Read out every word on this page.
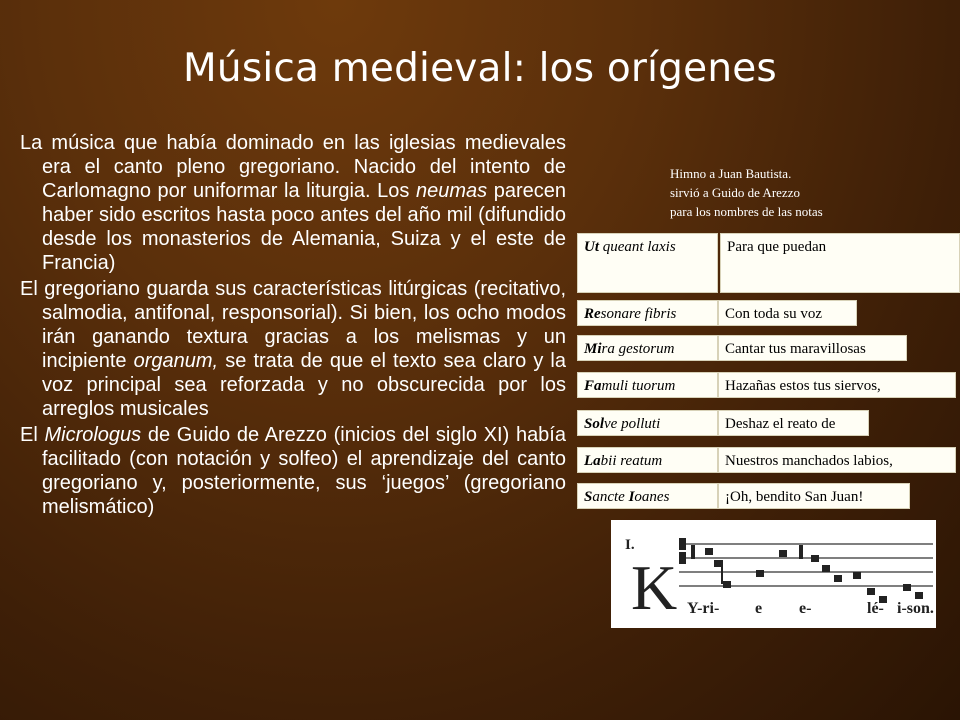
Música medieval: los orígenes

La música que había dominado en las iglesias medievales era el canto pleno gregoriano. Nacido del intento de Carlomagno por uniformar la liturgia. Los neumas parecen haber sido escritos hasta poco antes del año mil (difundido desde los monasterios de Alemania, Suiza y el este de Francia)

El gregoriano guarda sus características litúrgicas (recitativo, salmodia, antifonal, responsorial). Si bien, los ocho modos irán ganando textura gracias a los melismas y un incipiente organum, se trata de que el texto sea claro y la voz principal sea reforzada y no obscurecida por los arreglos musicales

El Micrologus de Guido de Arezzo (inicios del siglo XI) había facilitado (con notación y solfeo) el aprendizaje del canto gregoriano y, posteriormente, sus ‘juegos’ (gregoriano melismático)

Himno a Juan Bautista.
sirvió a Guido de Arezzo
para los nombres de las notas
Ut queant laxis	Para que puedan
Resonare fibris	Con toda su voz
Mira gestorum	Cantar tus maravillosas
Famuli tuorum	Hazañas estos tus siervos,
Solve polluti	Deshaz el reato de
Labii reatum	Nuestros manchados labios,
Sancte Ioanes	¡Oh, bendito San Juan!
I.
K Y-ri- e e-	lé- i-son.
